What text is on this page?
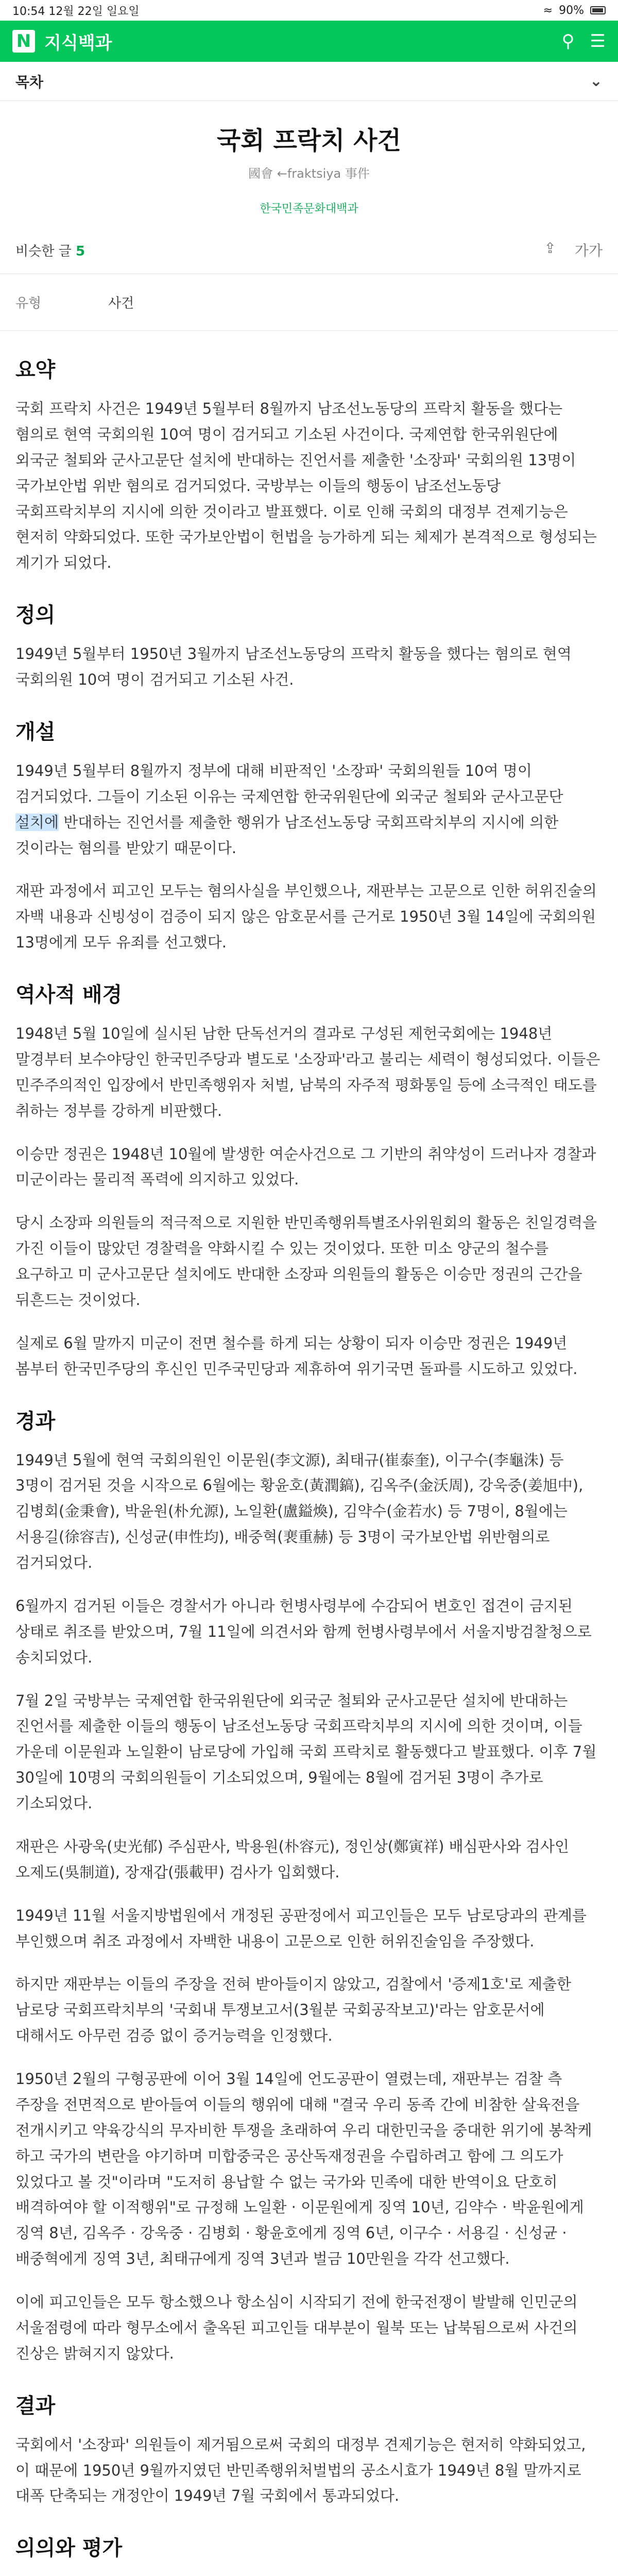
10:54 12월 22일 일요일	≈ 90%
N 지식백과	⚲ ☰
목차	⌄
국회 프락치 사건
國會 ←fraktsiya 事件
한국민족문화대백과
비슷한 글 5	⇪ 가가
유형	사건
요약

국회 프락치 사건은 1949년 5월부터 8월까지 남조선노동당의 프락치 활동을 했다는 혐의로 현역 국회의원 10여 명이 검거되고 기소된 사건이다. 국제연합 한국위원단에 외국군 철퇴와 군사고문단 설치에 반대하는 진언서를 제출한 '소장파' 국회의원 13명이 국가보안법 위반 혐의로 검거되었다. 국방부는 이들의 행동이 남조선노동당 국회프락치부의 지시에 의한 것이라고 발표했다. 이로 인해 국회의 대정부 견제기능은 현저히 약화되었다. 또한 국가보안법이 헌법을 능가하게 되는 체제가 본격적으로 형성되는 계기가 되었다.

정의

1949년 5월부터 1950년 3월까지 남조선노동당의 프락치 활동을 했다는 혐의로 현역 국회의원 10여 명이 검거되고 기소된 사건.

개설

1949년 5월부터 8월까지 정부에 대해 비판적인 '소장파' 국회의원들 10여 명이 검거되었다. 그들이 기소된 이유는 국제연합 한국위원단에 외국군 철퇴와 군사고문단 설치에 반대하는 진언서를 제출한 행위가 남조선노동당 국회프락치부의 지시에 의한 것이라는 혐의를 받았기 때문이다.

재판 과정에서 피고인 모두는 혐의사실을 부인했으나, 재판부는 고문으로 인한 허위진술의 자백 내용과 신빙성이 검증이 되지 않은 암호문서를 근거로 1950년 3월 14일에 국회의원 13명에게 모두 유죄를 선고했다.

역사적 배경

1948년 5월 10일에 실시된 남한 단독선거의 결과로 구성된 제헌국회에는 1948년 말경부터 보수야당인 한국민주당과 별도로 '소장파'라고 불리는 세력이 형성되었다. 이들은 민주주의적인 입장에서 반민족행위자 처벌, 남북의 자주적 평화통일 등에 소극적인 태도를 취하는 정부를 강하게 비판했다.

이승만 정권은 1948년 10월에 발생한 여순사건으로 그 기반의 취약성이 드러나자 경찰과 미군이라는 물리적 폭력에 의지하고 있었다.

당시 소장파 의원들의 적극적으로 지원한 반민족행위특별조사위원회의 활동은 친일경력을 가진 이들이 많았던 경찰력을 약화시킬 수 있는 것이었다. 또한 미소 양군의 철수를 요구하고 미 군사고문단 설치에도 반대한 소장파 의원들의 활동은 이승만 정권의 근간을 뒤흔드는 것이었다.

실제로 6월 말까지 미군이 전면 철수를 하게 되는 상황이 되자 이승만 정권은 1949년 봄부터 한국민주당의 후신인 민주국민당과 제휴하여 위기국면 돌파를 시도하고 있었다.

경과

1949년 5월에 현역 국회의원인 이문원(李文源), 최태규(崔泰奎), 이구수(李龜洙) 등 3명이 검거된 것을 시작으로 6월에는 황윤호(黃潤鎬), 김옥주(金沃周), 강욱중(姜旭中), 김병회(金秉會), 박윤원(朴允源), 노일환(盧鎰煥), 김약수(金若水) 등 7명이, 8월에는 서용길(徐容吉), 신성균(申性均), 배중혁(裵重赫) 등 3명이 국가보안법 위반혐의로 검거되었다.

6월까지 검거된 이들은 경찰서가 아니라 헌병사령부에 수감되어 변호인 접견이 금지된 상태로 취조를 받았으며, 7월 11일에 의견서와 함께 헌병사령부에서 서울지방검찰청으로 송치되었다.

7월 2일 국방부는 국제연합 한국위원단에 외국군 철퇴와 군사고문단 설치에 반대하는 진언서를 제출한 이들의 행동이 남조선노동당 국회프락치부의 지시에 의한 것이며, 이들 가운데 이문원과 노일환이 남로당에 가입해 국회 프락치로 활동했다고 발표했다. 이후 7월 30일에 10명의 국회의원들이 기소되었으며, 9월에는 8월에 검거된 3명이 추가로 기소되었다.

재판은 사광욱(史光郁) 주심판사, 박용원(朴容元), 정인상(鄭寅祥) 배심판사와 검사인 오제도(吳制道), 장재갑(張載甲) 검사가 입회했다.

1949년 11월 서울지방법원에서 개정된 공판정에서 피고인들은 모두 남로당과의 관계를 부인했으며 취조 과정에서 자백한 내용이 고문으로 인한 허위진술임을 주장했다.

하지만 재판부는 이들의 주장을 전혀 받아들이지 않았고, 검찰에서 '증제1호'로 제출한 남로당 국회프락치부의 '국회내 투쟁보고서(3월분 국회공작보고)'라는 암호문서에 대해서도 아무런 검증 없이 증거능력을 인정했다.

1950년 2월의 구형공판에 이어 3월 14일에 언도공판이 열렸는데, 재판부는 검찰 측 주장을 전면적으로 받아들여 이들의 행위에 대해 "결국 우리 동족 간에 비참한 살육전을 전개시키고 약육강식의 무자비한 투쟁을 초래하여 우리 대한민국을 중대한 위기에 봉착케 하고 국가의 변란을 야기하며 미합중국은 공산독재정권을 수립하려고 함에 그 의도가 있었다고 볼 것"이라며 "도저히 용납할 수 없는 국가와 민족에 대한 반역이요 단호히 배격하여야 할 이적행위"로 규정해 노일환 · 이문원에게 징역 10년, 김약수 · 박윤원에게 징역 8년, 김옥주 · 강욱중 · 김병회 · 황윤호에게 징역 6년, 이구수 · 서용길 · 신성균 · 배중혁에게 징역 3년, 최태규에게 징역 3년과 벌금 10만원을 각각 선고했다.

이에 피고인들은 모두 항소했으나 항소심이 시작되기 전에 한국전쟁이 발발해 인민군의 서울점령에 따라 형무소에서 출옥된 피고인들 대부분이 월북 또는 납북됨으로써 사건의 진상은 밝혀지지 않았다.

결과

국회에서 '소장파' 의원들이 제거됨으로써 국회의 대정부 견제기능은 현저히 약화되었고, 이 때문에 1950년 9월까지였던 반민족행위처벌법의 공소시효가 1949년 8월 말까지로 대폭 단축되는 개정안이 1949년 7월 국회에서 통과되었다.

의의와 평가
